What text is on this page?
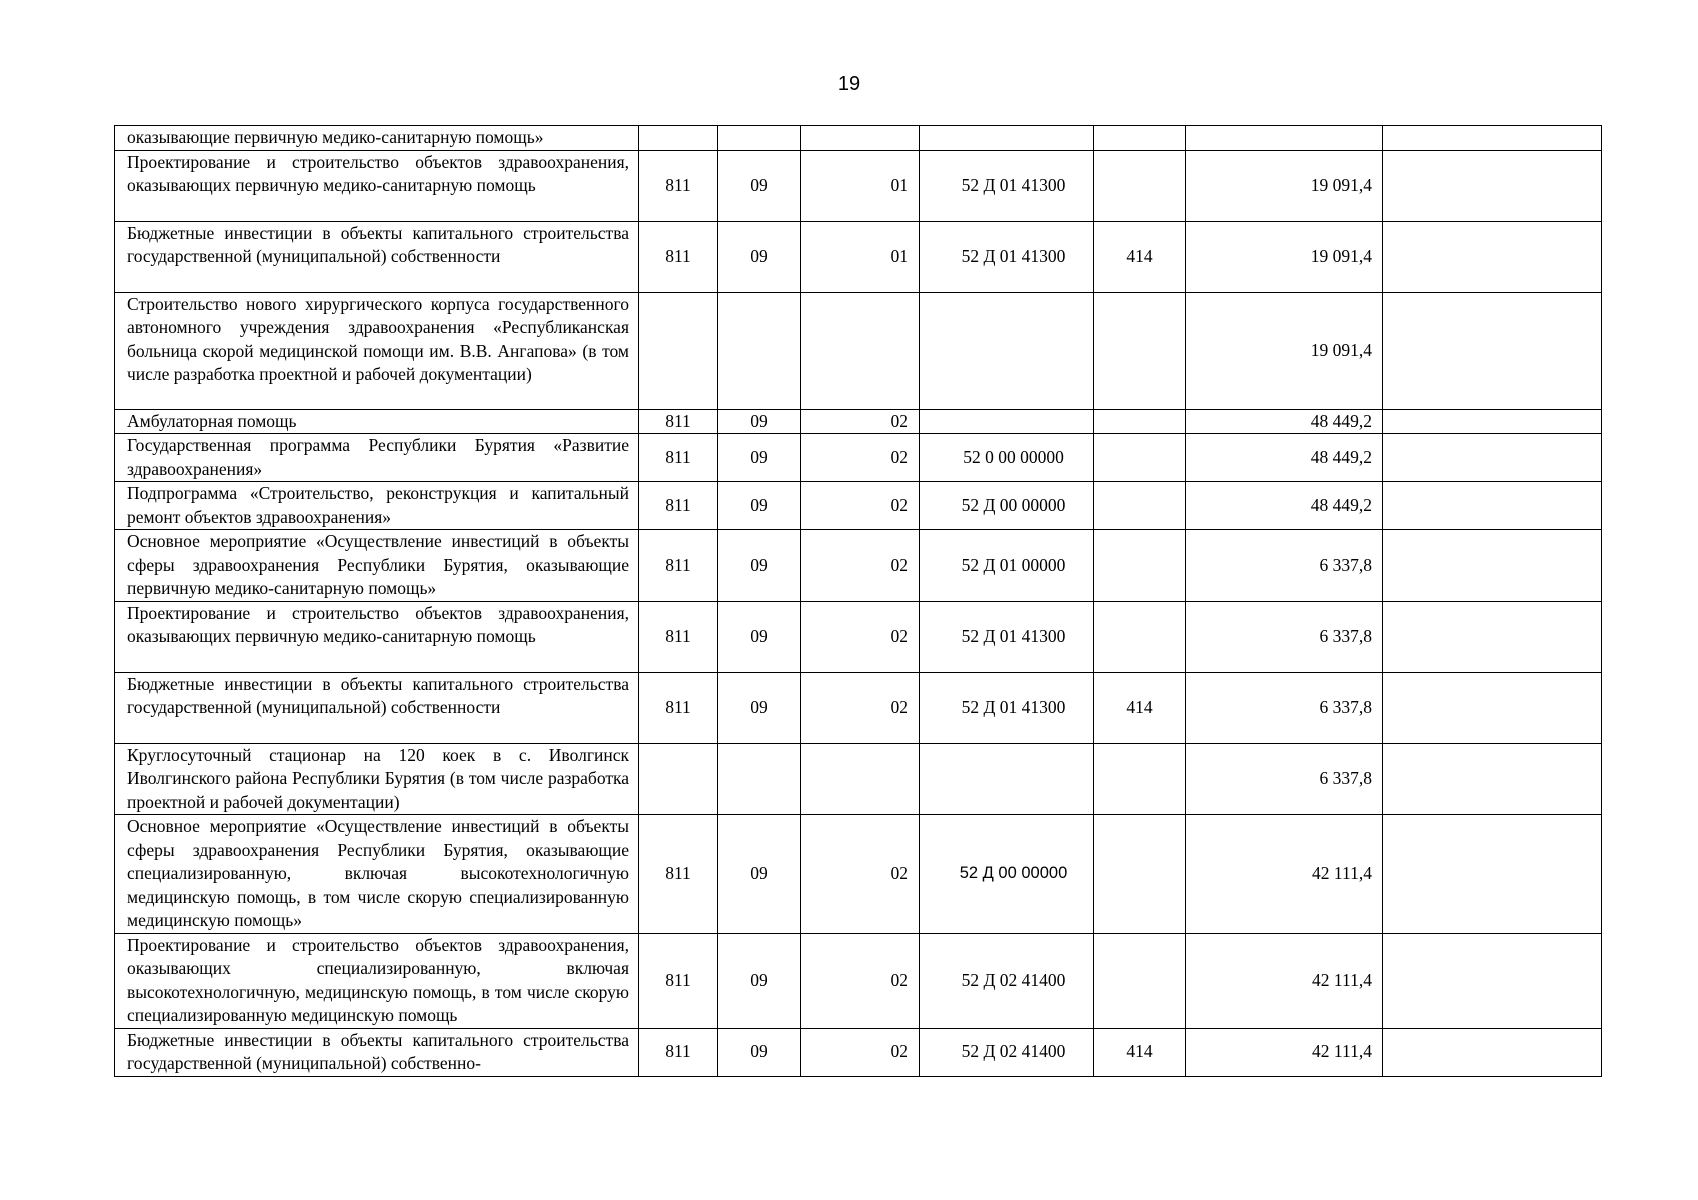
19
оказывающие первичную медико-санитарную помощь»							
Проектирование и строительство объектов здравоохранения, оказывающих первичную медико-санитарную помощь	811	09	01	52 Д 01 41300		19 091,4	
Бюджетные инвестиции в объекты капитального строительства государственной (муниципальной) собственности	811	09	01	52 Д 01 41300	414	19 091,4	
Строительство нового хирургического корпуса государственного автономного учреждения здравоохранения «Республиканская больница скорой медицинской помощи им. В.В. Ангапова» (в том числе разработка проектной и рабочей документации)						19 091,4	
Амбулаторная помощь	811	09	02			48 449,2	
Государственная программа Республики Бурятия «Развитие здравоохранения»	811	09	02	52 0 00 00000		48 449,2	
Подпрограмма «Строительство, реконструкция и капитальный ремонт объектов здравоохранения»	811	09	02	52 Д 00 00000		48 449,2	
Основное мероприятие «Осуществление инвестиций в объекты сферы здравоохранения Республики Бурятия, оказывающие первичную медико-санитарную помощь»	811	09	02	52 Д 01 00000		6 337,8	
Проектирование и строительство объектов здравоохранения, оказывающих первичную медико-санитарную помощь	811	09	02	52 Д 01 41300		6 337,8	
Бюджетные инвестиции в объекты капитального строительства государственной (муниципальной) собственности	811	09	02	52 Д 01 41300	414	6 337,8	
Круглосуточный стационар на 120 коек в с. Иволгинск Иволгинского района Республики Бурятия (в том числе разработка проектной и рабочей документации)						6 337,8	
Основное мероприятие «Осуществление инвестиций в объекты сферы здравоохранения Республики Бурятия, оказывающие специализированную, включая высокотехнологичную медицинскую помощь, в том числе скорую специализированную медицинскую помощь»	811	09	02	52 Д 00 00000		42 111,4	
Проектирование и строительство объектов здравоохранения, оказывающих специализированную, включая высокотехнологичную, медицинскую помощь, в том числе скорую специализированную медицинскую помощь	811	09	02	52 Д 02 41400		42 111,4	
Бюджетные инвестиции в объекты капитального строительства государственной (муниципальной) собственно-	811	09	02	52 Д 02 41400	414	42 111,4	
